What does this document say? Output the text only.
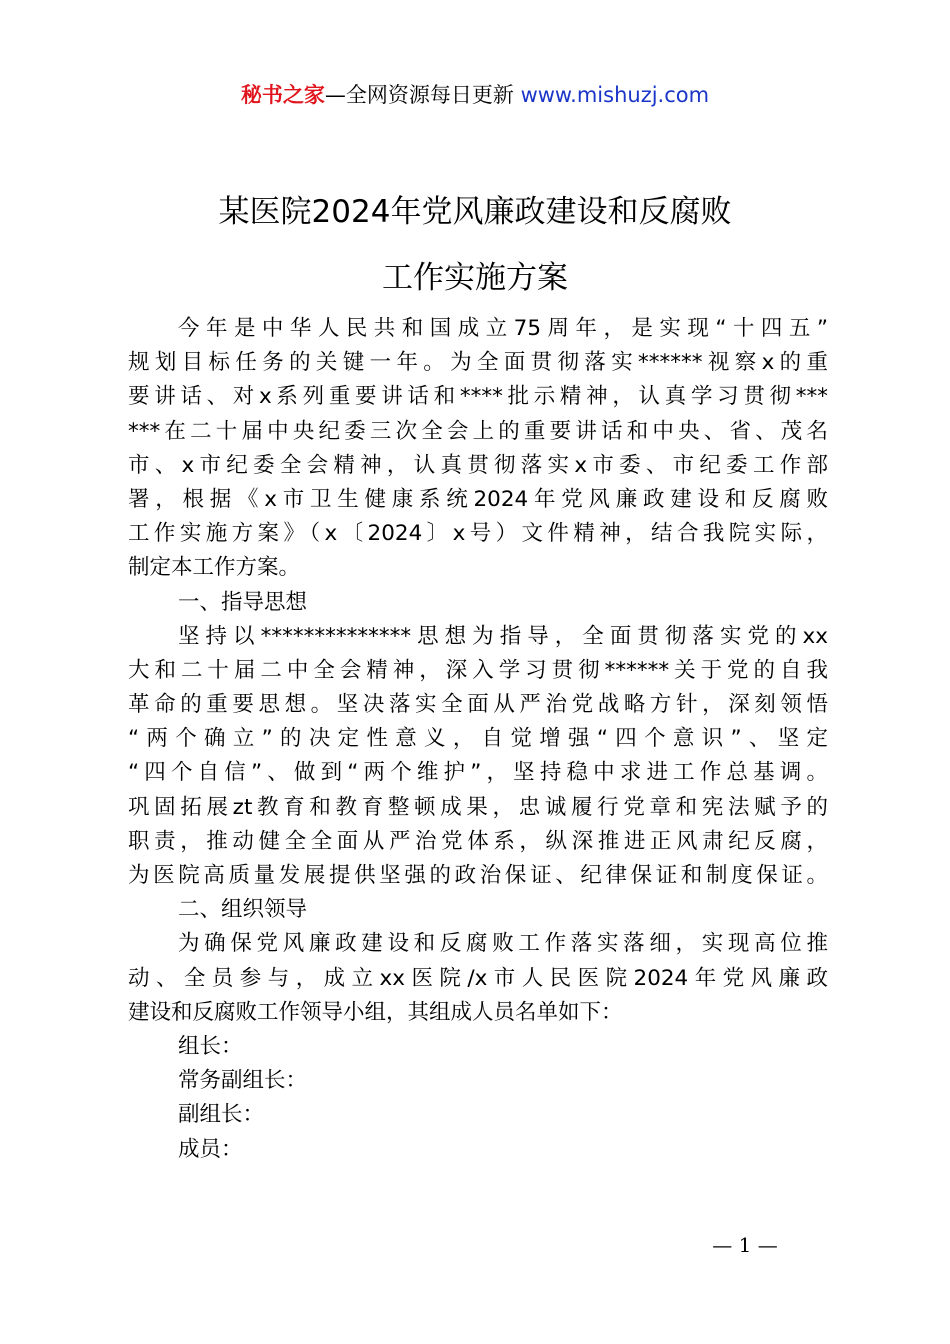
秘书之家—全网资源每日更新 www.mishuzj.com
某医院2024年党风廉政建设和反腐败
工作实施方案
今年是中华人民共和国成立75周年，是实现“十四五”
规划目标任务的关键一年。为全面贯彻落实******视察x的重
要讲话、对x系列重要讲话和****批示精神，认真学习贯彻***
***在二十届中央纪委三次全会上的重要讲话和中央、省、茂名
市、x市纪委全会精神，认真贯彻落实x市委、市纪委工作部
署，根据《x市卫生健康系统2024年党风廉政建设和反腐败
工作实施方案》（x〔2024〕x号）文件精神，结合我院实际，
制定本工作方案。
一、指导思想
坚持以**************思想为指导，全面贯彻落实党的xx
大和二十届二中全会精神，深入学习贯彻******关于党的自我
革命的重要思想。坚决落实全面从严治党战略方针，深刻领悟
“两个确立”的决定性意义，自觉增强“四个意识”、坚定
“四个自信”、做到“两个维护”，坚持稳中求进工作总基调。
巩固拓展zt教育和教育整顿成果，忠诚履行党章和宪法赋予的
职责，推动健全全面从严治党体系，纵深推进正风肃纪反腐，
为医院高质量发展提供坚强的政治保证、纪律保证和制度保证。
二、组织领导
为确保党风廉政建设和反腐败工作落实落细，实现高位推
动、全员参与，成立xx医院/x市人民医院2024年党风廉政
建设和反腐败工作领导小组，其组成人员名单如下：
组长：
常务副组长：
副组长：
成员：
— 1 —
